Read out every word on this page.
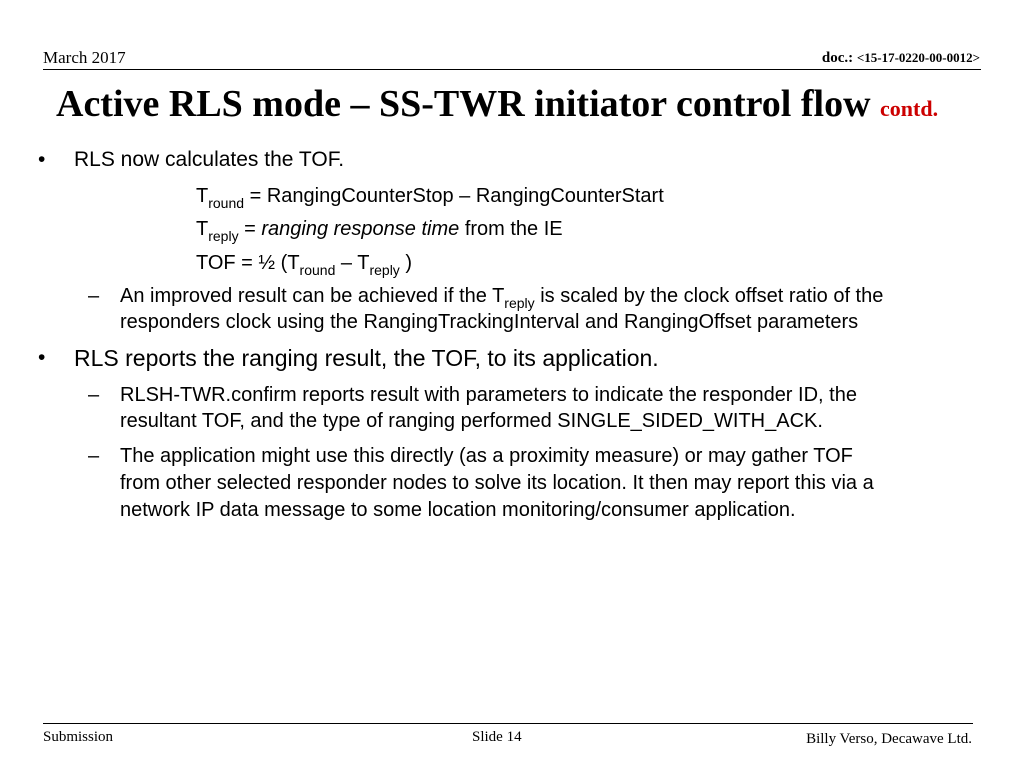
March 2017	doc.: <15-17-0220-00-0012>
Active RLS mode – SS-TWR initiator control flow contd.
• RLS now calculates the TOF.
$T_{round}$ = RangingCounterStop – RangingCounterStart
$T_{reply}$ = ranging response time from the IE
TOF = ½ ($T_{round} - T_{reply}$ )
– An improved result can be achieved if the $T_{reply}$ is scaled by the clock offset ratio of the
responders clock using the RangingTrackingInterval and RangingOffset parameters
• RLS reports the ranging result, the TOF, to its application.
– RLSH-TWR.confirm reports result with parameters to indicate the responder ID, the
resultant TOF, and the type of ranging performed SINGLE_SIDED_WITH_ACK.
– The application might use this directly (as a proximity measure) or may gather TOF
from other selected responder nodes to solve its location. It then may report this via a
network IP data message to some location monitoring/consumer application.
Submission	Slide 14	Billy Verso, Decawave Ltd.
